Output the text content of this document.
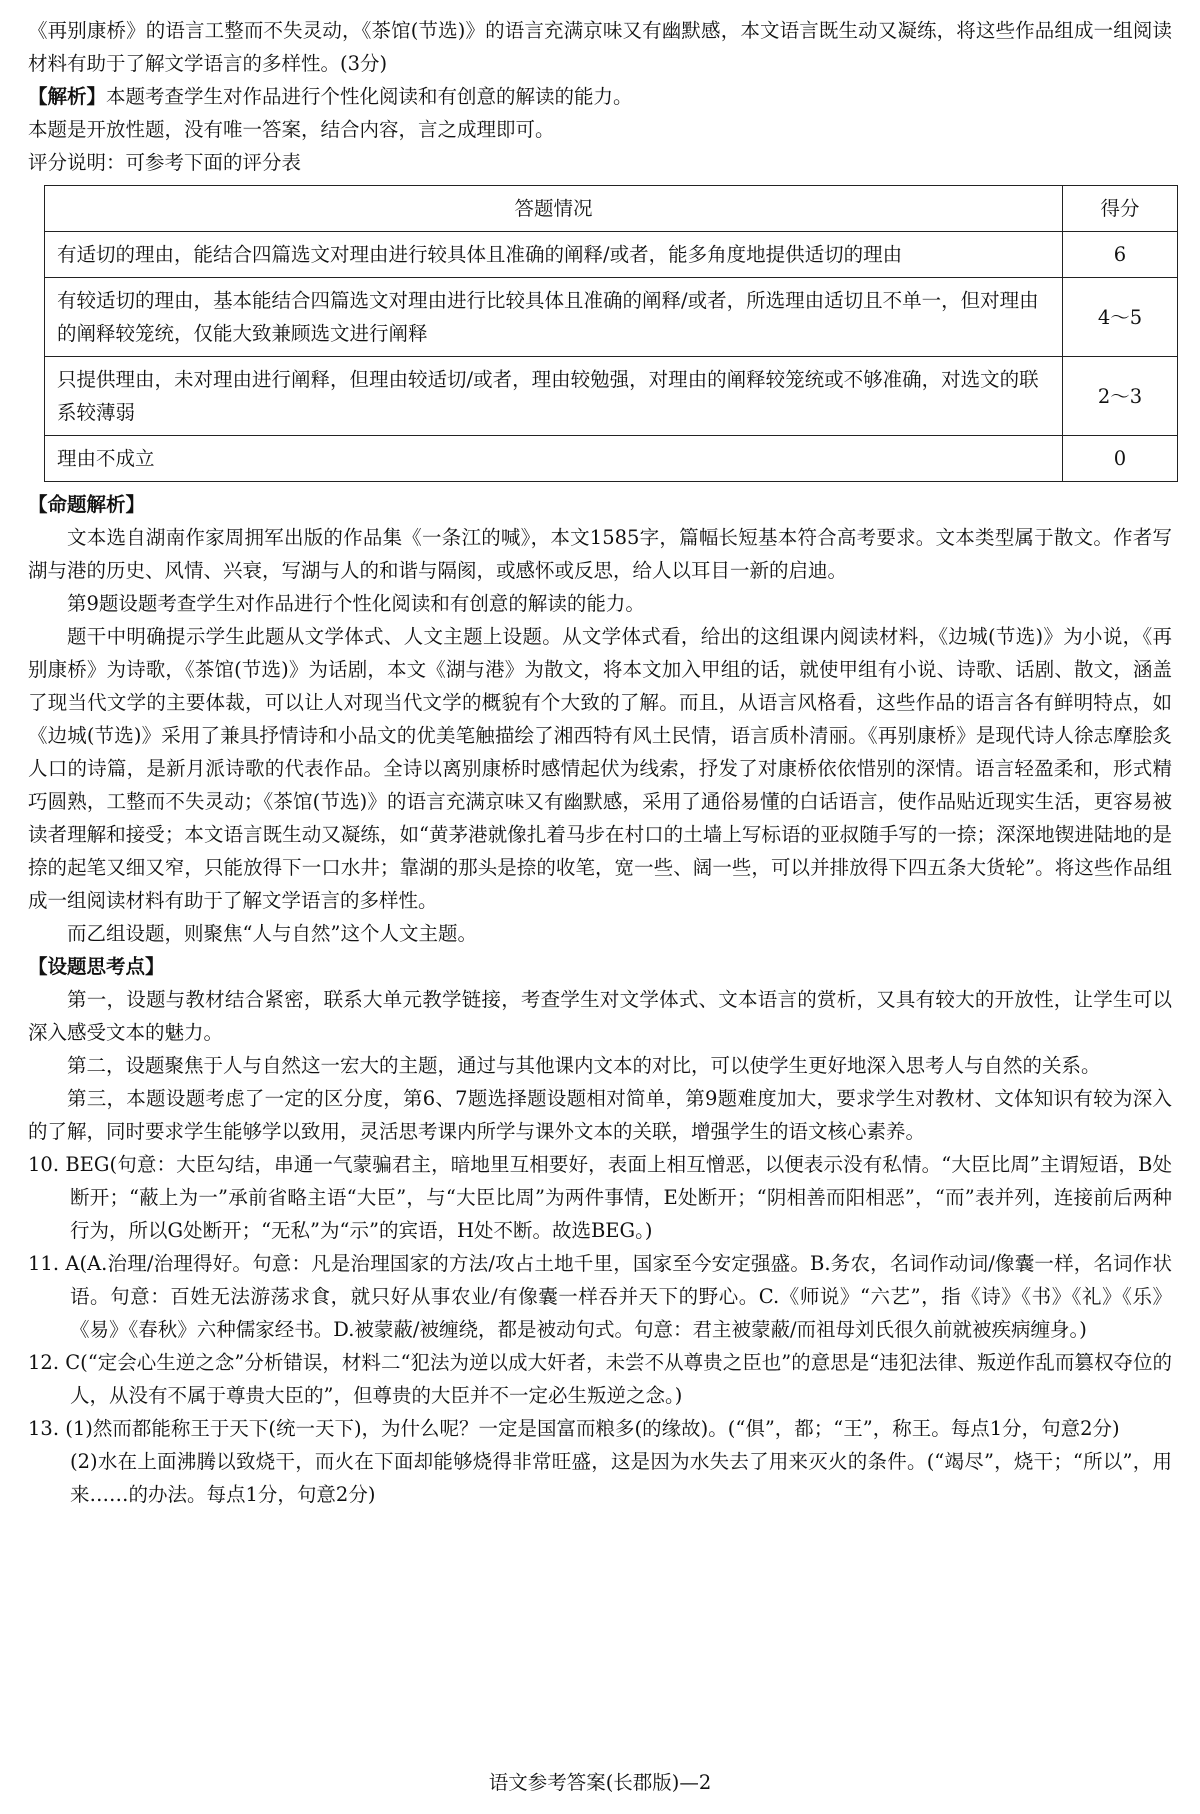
《再别康桥》的语言工整而不失灵动，《茶馆(节选)》的语言充满京味又有幽默感，本文语言既生动又凝练，将这些作品组成一组阅读材料有助于了解文学语言的多样性。(3分)

【解析】本题考查学生对作品进行个性化阅读和有创意的解读的能力。

本题是开放性题，没有唯一答案，结合内容，言之成理即可。

评分说明：可参考下面的评分表

答题情况	得分
有适切的理由，能结合四篇选文对理由进行较具体且准确的阐释/或者，能多角度地提供适切的理由	6
有较适切的理由，基本能结合四篇选文对理由进行比较具体且准确的阐释/或者，所选理由适切且不单一，但对理由的阐释较笼统，仅能大致兼顾选文进行阐释	4～5
只提供理由，未对理由进行阐释，但理由较适切/或者，理由较勉强，对理由的阐释较笼统或不够准确，对选文的联系较薄弱	2～3
理由不成立	0

【命题解析】

文本选自湖南作家周拥军出版的作品集《一条江的喊》，本文1585字，篇幅长短基本符合高考要求。文本类型属于散文。作者写湖与港的历史、风情、兴衰，写湖与人的和谐与隔阂，或感怀或反思，给人以耳目一新的启迪。

第9题设题考查学生对作品进行个性化阅读和有创意的解读的能力。

题干中明确提示学生此题从文学体式、人文主题上设题。从文学体式看，给出的这组课内阅读材料，《边城(节选)》为小说，《再别康桥》为诗歌，《茶馆(节选)》为话剧，本文《湖与港》为散文，将本文加入甲组的话，就使甲组有小说、诗歌、话剧、散文，涵盖了现当代文学的主要体裁，可以让人对现当代文学的概貌有个大致的了解。而且，从语言风格看，这些作品的语言各有鲜明特点，如《边城(节选)》采用了兼具抒情诗和小品文的优美笔触描绘了湘西特有风土民情，语言质朴清丽。《再别康桥》是现代诗人徐志摩脍炙人口的诗篇，是新月派诗歌的代表作品。全诗以离别康桥时感情起伏为线索，抒发了对康桥依依惜别的深情。语言轻盈柔和，形式精巧圆熟，工整而不失灵动；《茶馆(节选)》的语言充满京味又有幽默感，采用了通俗易懂的白话语言，使作品贴近现实生活，更容易被读者理解和接受；本文语言既生动又凝练，如“黄茅港就像扎着马步在村口的土墙上写标语的亚叔随手写的一捺；深深地锲进陆地的是捺的起笔又细又窄，只能放得下一口水井；靠湖的那头是捺的收笔，宽一些、阔一些，可以并排放得下四五条大货轮”。将这些作品组成一组阅读材料有助于了解文学语言的多样性。

而乙组设题，则聚焦“人与自然”这个人文主题。

【设题思考点】

第一，设题与教材结合紧密，联系大单元教学链接，考查学生对文学体式、文本语言的赏析，又具有较大的开放性，让学生可以深入感受文本的魅力。

第二，设题聚焦于人与自然这一宏大的主题，通过与其他课内文本的对比，可以使学生更好地深入思考人与自然的关系。

第三，本题设题考虑了一定的区分度，第6、7题选择题设题相对简单，第9题难度加大，要求学生对教材、文体知识有较为深入的了解，同时要求学生能够学以致用，灵活思考课内所学与课外文本的关联，增强学生的语文核心素养。

10. BEG(句意：大臣勾结，串通一气蒙骗君主，暗地里互相要好，表面上相互憎恶，以便表示没有私情。“大臣比周”主谓短语，B处断开；“蔽上为一”承前省略主语“大臣”，与“大臣比周”为两件事情，E处断开；“阴相善而阳相恶”，“而”表并列，连接前后两种行为，所以G处断开；“无私”为“示”的宾语，H处不断。故选BEG。)

11. A(A.治理/治理得好。句意：凡是治理国家的方法/攻占土地千里，国家至今安定强盛。B.务农，名词作动词/像囊一样，名词作状语。句意：百姓无法游荡求食，就只好从事农业/有像囊一样吞并天下的野心。C.《师说》“六艺”，指《诗》《书》《礼》《乐》《易》《春秋》六种儒家经书。D.被蒙蔽/被缠绕，都是被动句式。句意：君主被蒙蔽/而祖母刘氏很久前就被疾病缠身。)

12. C(“定会心生逆之念”分析错误，材料二“犯法为逆以成大奸者，未尝不从尊贵之臣也”的意思是“违犯法律、叛逆作乱而篡权夺位的人，从没有不属于尊贵大臣的”，但尊贵的大臣并不一定必生叛逆之念。)

13. (1)然而都能称王于天下(统一天下)，为什么呢？一定是国富而粮多(的缘故)。(“俱”，都；“王”，称王。每点1分，句意2分)

(2)水在上面沸腾以致烧干，而火在下面却能够烧得非常旺盛，这是因为水失去了用来灭火的条件。(“竭尽”，烧干；“所以”，用来……的办法。每点1分，句意2分)

语文参考答案(长郡版)—2
